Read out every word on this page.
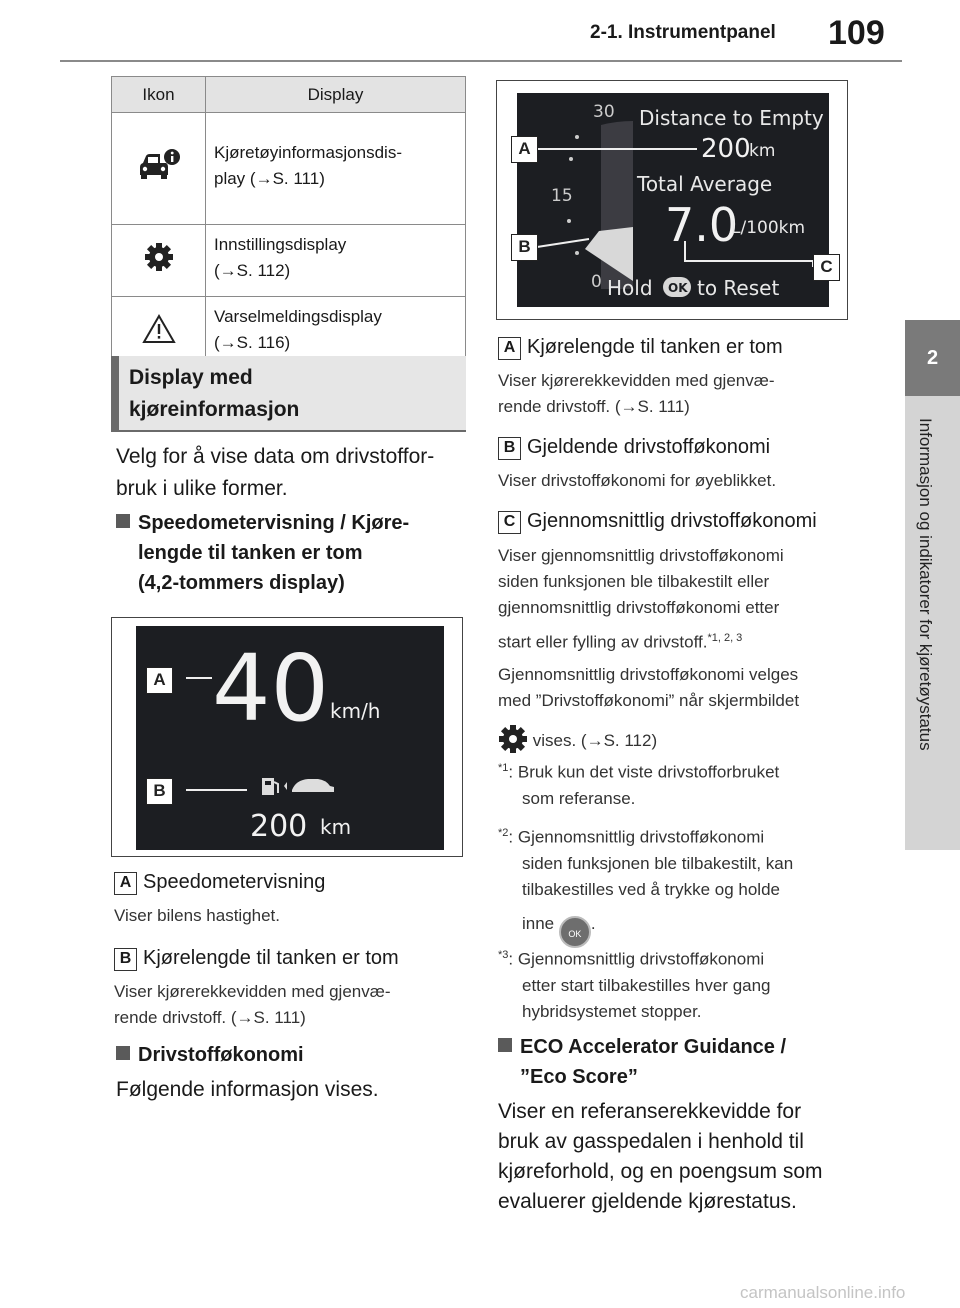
2-1. Instrumentpanel 109
2
Informasjon og indikatorer for kjøretøystatus
Ikon	Display

Kjøretøyinformasjonsdis-
play (→S. 111)

Innstillingsdisplay
(→S. 112)

Varselmeldingsdisplay
(→S. 116)
Display med
kjøreinformasjon
Velg for å vise data om drivstoffor-
bruk i ulike former.
Speedometervisning / Kjøre-
lengde til tanken er tom
(4,2-tommers display)
40 km/h
200 km
A
B
A Speedometervisning
Viser bilens hastighet.
B Kjørelengde til tanken er tom
Viser kjørerekkevidden med gjenvæ-
rende drivstoff. (→S. 111)
Drivstofføkonomi
Følgende informasjon vises.
30
15
0
Distance to Empty
200
km
Total Average
7.0
L/100km
Hold OK to Reset
A
B
C
A Kjørelengde til tanken er tom
Viser kjørerekkevidden med gjenvæ-
rende drivstoff. (→S. 111)
B Gjeldende drivstofføkonomi
Viser drivstofføkonomi for øyeblikket.
C Gjennomsnittlig drivstofføkonomi
Viser gjennomsnittlig drivstofføkonomi
siden funksjonen ble tilbakestilt eller
gjennomsnittlig drivstofføkonomi etter
start eller fylling av drivstoff.$^{*1, 2, 3}$
Gjennomsnittlig drivstofføkonomi velges
med ”Drivstofføkonomi” når skjermbildet
vises. (→S. 112)
$^{*1}$: Bruk kun det viste drivstofforbruket
som referanse.
$^{*2}$: Gjennomsnittlig drivstofføkonomi
siden funksjonen ble tilbakestilt, kan
tilbakestilles ved å trykke og holde
inne OK.
$^{*3}$: Gjennomsnittlig drivstofføkonomi
etter start tilbakestilles hver gang
hybridsystemet stopper.
ECO Accelerator Guidance /
”Eco Score”
Viser en referanserekkevidde for
bruk av gasspedalen i henhold til
kjøreforhold, og en poengsum som
evaluerer gjeldende kjørestatus.
carmanualsonline.info
